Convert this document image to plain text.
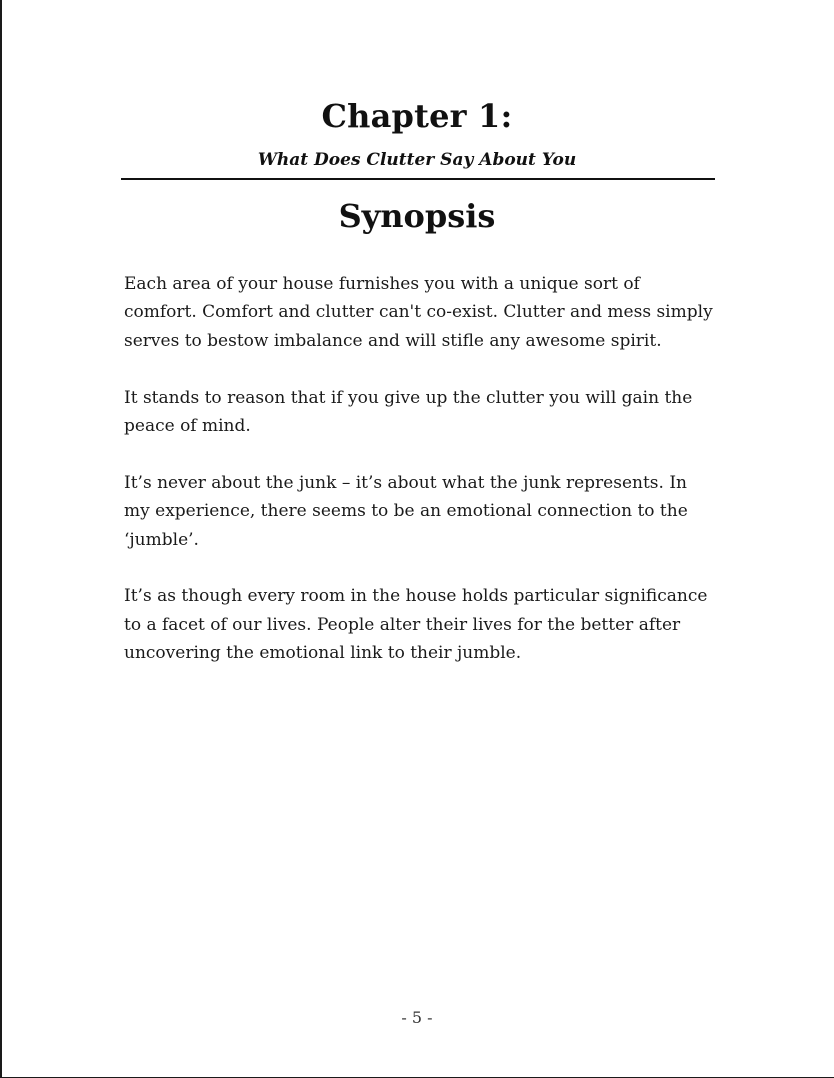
Chapter 1:
What Does Clutter Say About You
Synopsis

Each area of your house furnishes you with a unique sort of comfort. Comfort and clutter can't co-exist. Clutter and mess simply serves to bestow imbalance and will stifle any awesome spirit.

It stands to reason that if you give up the clutter you will gain the peace of mind.

It’s never about the junk – it’s about what the junk represents. In my experience, there seems to be an emotional connection to the ‘jumble’.

It’s as though every room in the house holds particular significance to a facet of our lives. People alter their lives for the better after uncovering the emotional link to their jumble.

- 5 -
